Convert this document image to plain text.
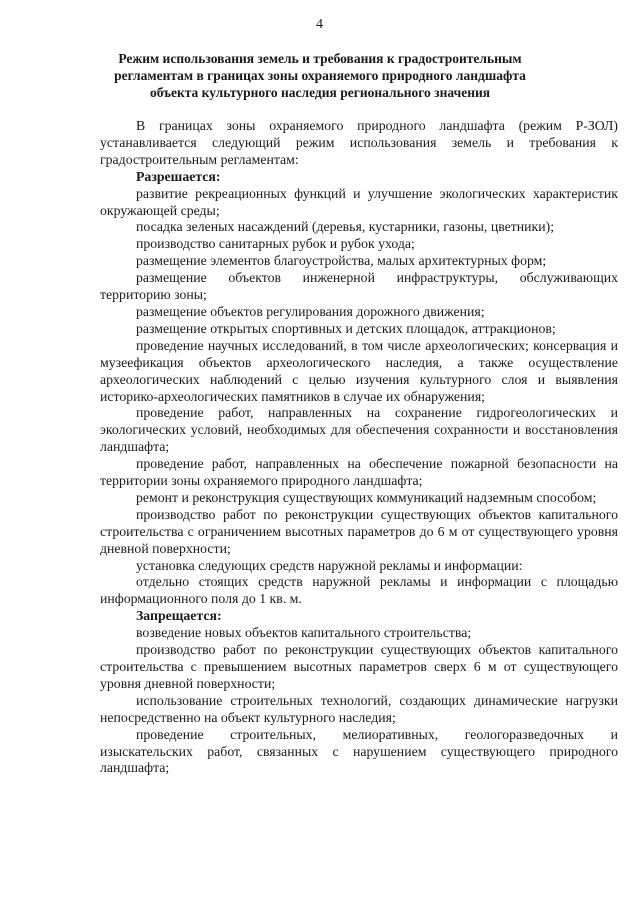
4
Режим использования земель и требования к градостроительным
регламентам в границах зоны охраняемого природного ландшафта
объекта культурного наследия регионального значения

В границах зоны охраняемого природного ландшафта (режим Р-ЗОЛ) устанавливается следующий режим использования земель и требования к градостроительным регламентам:

Разрешается:

развитие рекреационных функций и улучшение экологических характеристик окружающей среды;

посадка зеленых насаждений (деревья, кустарники, газоны, цветники);

производство санитарных рубок и рубок ухода;

размещение элементов благоустройства, малых архитектурных форм;

размещение объектов инженерной инфраструктуры, обслуживающих территорию зоны;

размещение объектов регулирования дорожного движения;

размещение открытых спортивных и детских площадок, аттракционов;

проведение научных исследований, в том числе археологических; консервация и музеефикация объектов археологического наследия, а также осуществление археологических наблюдений с целью изучения культурного слоя и выявления историко-археологических памятников в случае их обнаружения;

проведение работ, направленных на сохранение гидрогеологических и экологических условий, необходимых для обеспечения сохранности и восстановления ландшафта;

проведение работ, направленных на обеспечение пожарной безопасности на территории зоны охраняемого природного ландшафта;

ремонт и реконструкция существующих коммуникаций надземным способом;

производство работ по реконструкции существующих объектов капитального строительства с ограничением высотных параметров до 6 м от существующего уровня дневной поверхности;

установка следующих средств наружной рекламы и информации:

отдельно стоящих средств наружной рекламы и информации с площадью информационного поля до 1 кв. м.

Запрещается:

возведение новых объектов капитального строительства;

производство работ по реконструкции существующих объектов капитального строительства с превышением высотных параметров сверх 6 м от существующего уровня дневной поверхности;

использование строительных технологий, создающих динамические нагрузки непосредственно на объект культурного наследия;

проведение строительных, мелиоративных, геологоразведочных и изыскательских работ, связанных с нарушением существующего природного ландшафта;
